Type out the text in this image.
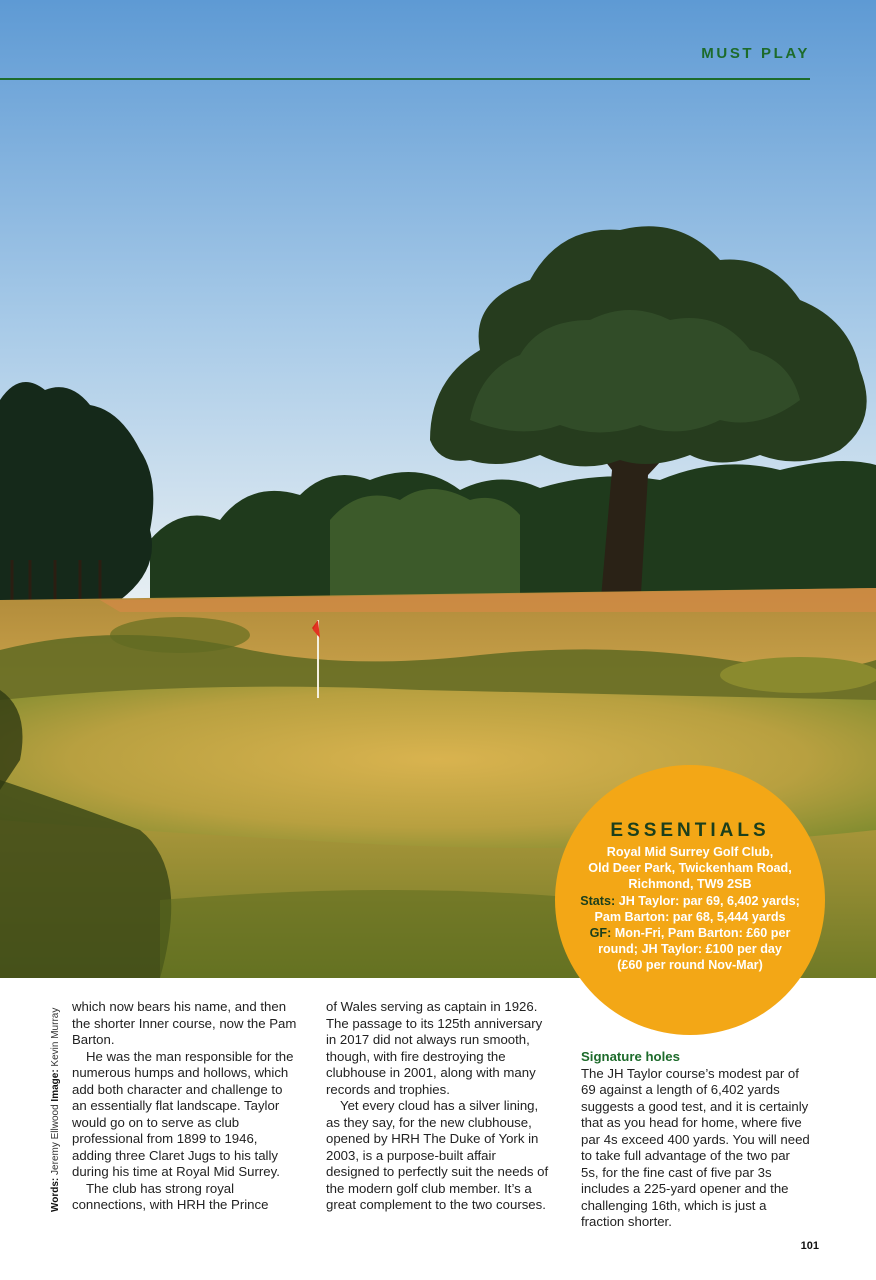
MUST PLAY
ESSENTIALS
Royal Mid Surrey Golf Club,
Old Deer Park, Twickenham Road,
Richmond, TW9 2SB
Stats: JH Taylor: par 69, 6,402 yards;
Pam Barton: par 68, 5,444 yards
GF: Mon-Fri, Pam Barton: £60 per
round; JH Taylor: £100 per day
(£60 per round Nov-Mar)
Words: Jeremy Ellwood Image: Kevin Murray

which now bears his name, and then the shorter Inner course, now the Pam Barton.

He was the man responsible for the numerous humps and hollows, which add both character and challenge to an essentially flat landscape. Taylor would go on to serve as club professional from 1899 to 1946, adding three Claret Jugs to his tally during his time at Royal Mid Surrey.

The club has strong royal connections, with HRH the Prince

of Wales serving as captain in 1926. The passage to its 125th anniversary in 2017 did not always run smooth, though, with fire destroying the clubhouse in 2001, along with many records and trophies.

Yet every cloud has a silver lining, as they say, for the new clubhouse, opened by HRH The Duke of York in 2003, is a purpose-built affair designed to perfectly suit the needs of the modern golf club member. It’s a great complement to the two courses.

Signature holes

The JH Taylor course’s modest par of 69 against a length of 6,402 yards suggests a good test, and it is certainly that as you head for home, where five par 4s exceed 400 yards. You will need to take full advantage of the two par 5s, for the fine cast of five par 3s includes a 225-yard opener and the challenging 16th, which is just a fraction shorter.

101
